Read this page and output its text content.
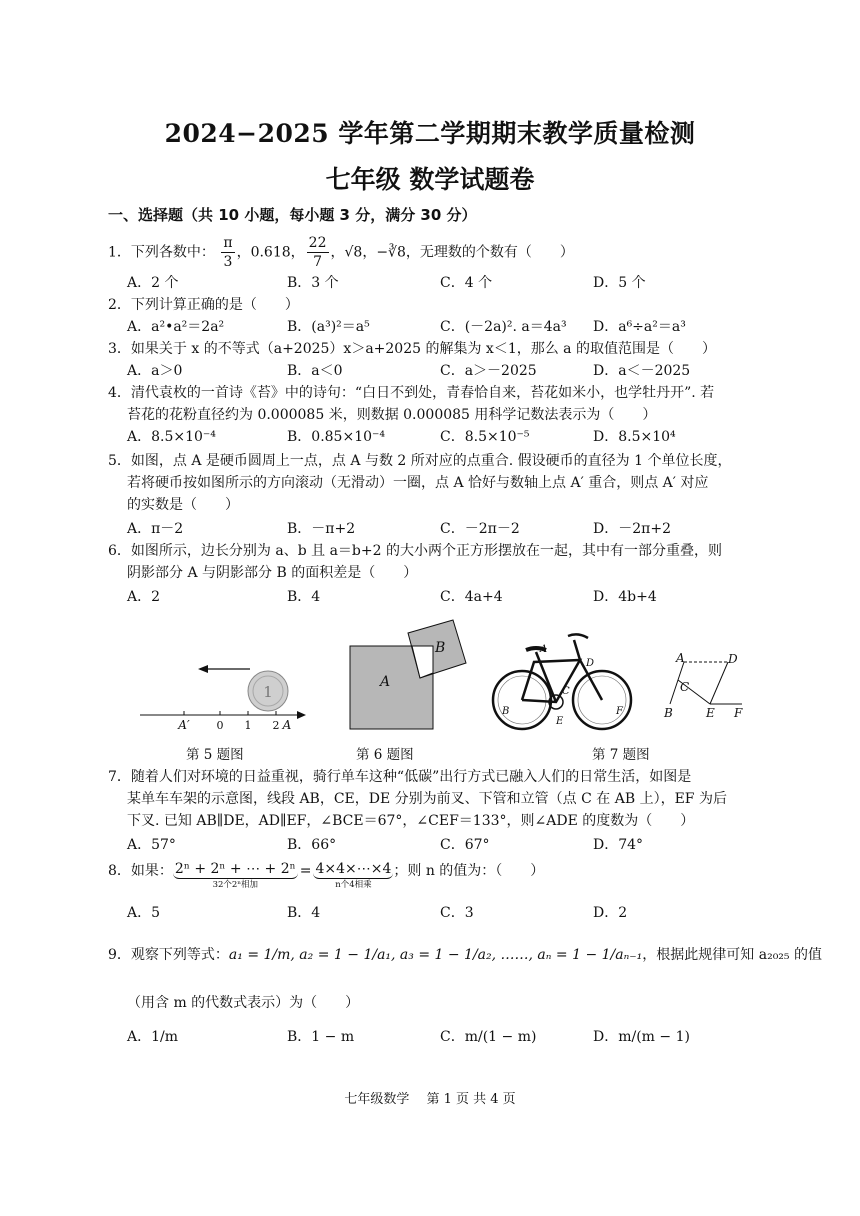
2024−2025 学年第二学期期末教学质量检测
七年级 数学试题卷
一、选择题（共 10 小题，每小题 3 分，满分 30 分）
1．下列各数中： $\frac{\pi}{3}$ ，0.618， $\frac{22}{7}$ ，√8，−∛8，无理数的个数有（　　）
A．2 个	B．3 个	C．4 个	D．5 个
2．下列计算正确的是（　　）
A．a²•a²＝2a²	B．(a³)²＝a⁵	C．(－2a)². a＝4a³ D．a⁶÷a²＝a³
3．如果关于 x 的不等式（a+2025）x＞a+2025 的解集为 x＜1，那么 a 的取值范围是（　　）
A．a＞0	B．a＜0	C．a＞－2025	D．a＜－2025
4．清代袁枚的一首诗《苔》中的诗句：“白日不到处，青春恰自来，苔花如米小，也学牡丹开”. 若
苔花的花粉直径约为 0.000085 米，则数据 0.000085 用科学记数法表示为（　　）
A．8.5×10⁻⁴	B．0.85×10⁻⁴	C．8.5×10⁻⁵	D．8.5×10⁴
5．如图，点 A 是硬币圆周上一点，点 A 与数 2 所对应的点重合. 假设硬币的直径为 1 个单位长度，
若将硬币按如图所示的方向滚动（无滑动）一圈，点 A 恰好与数轴上点 A′ 重合，则点 A′ 对应
的实数是（　　）
A．π－2	B．－π+2	C．－2π－2	D．－2π+2
6．如图所示，边长分别为 a、b 且 a＝b+2 的大小两个正方形摆放在一起，其中有一部分重叠，则
阴影部分 A 与阴影部分 B 的面积差是（　　）
A．2	B．4	C．4a+4	D．4b+4
1
A′ 0 1 2 A
第 5 题图
A
B
第 6 题图
A
D
B
C
E
F
A	D
C
B	E F
第 7 题图
7．随着人们对环境的日益重视，骑行单车这种“低碳”出行方式已融入人们的日常生活，如图是
某单车车架的示意图，线段 AB，CE，DE 分别为前叉、下管和立管（点 C 在 AB 上），EF 为后
下叉. 已知 AB∥DE，AD∥EF，∠BCE＝67°，∠CEF＝133°，则∠ADE 的度数为（　　）
A．57°	B．66°	C．67°	D．74°
8．如果： 2ⁿ + 2ⁿ + ⋯ + 2ⁿ
32个2ⁿ相加
= 4×4×⋯×4
n个4相乘
；则 n 的值为：（　　）
A．5	B．4	C．3	D．2
9．观察下列等式：a₁ = 1/m, a₂ = 1 − 1/a₁, a₃ = 1 − 1/a₂, ……, aₙ = 1 − 1/aₙ₋₁，根据此规律可知 a₂₀₂₅ 的值
（用含 m 的代数式表示）为（　　）
A．1/m	B．1 − m	C．m/(1 − m)	D．m/(m − 1)
七年级数学　 第 1 页 共 4 页
